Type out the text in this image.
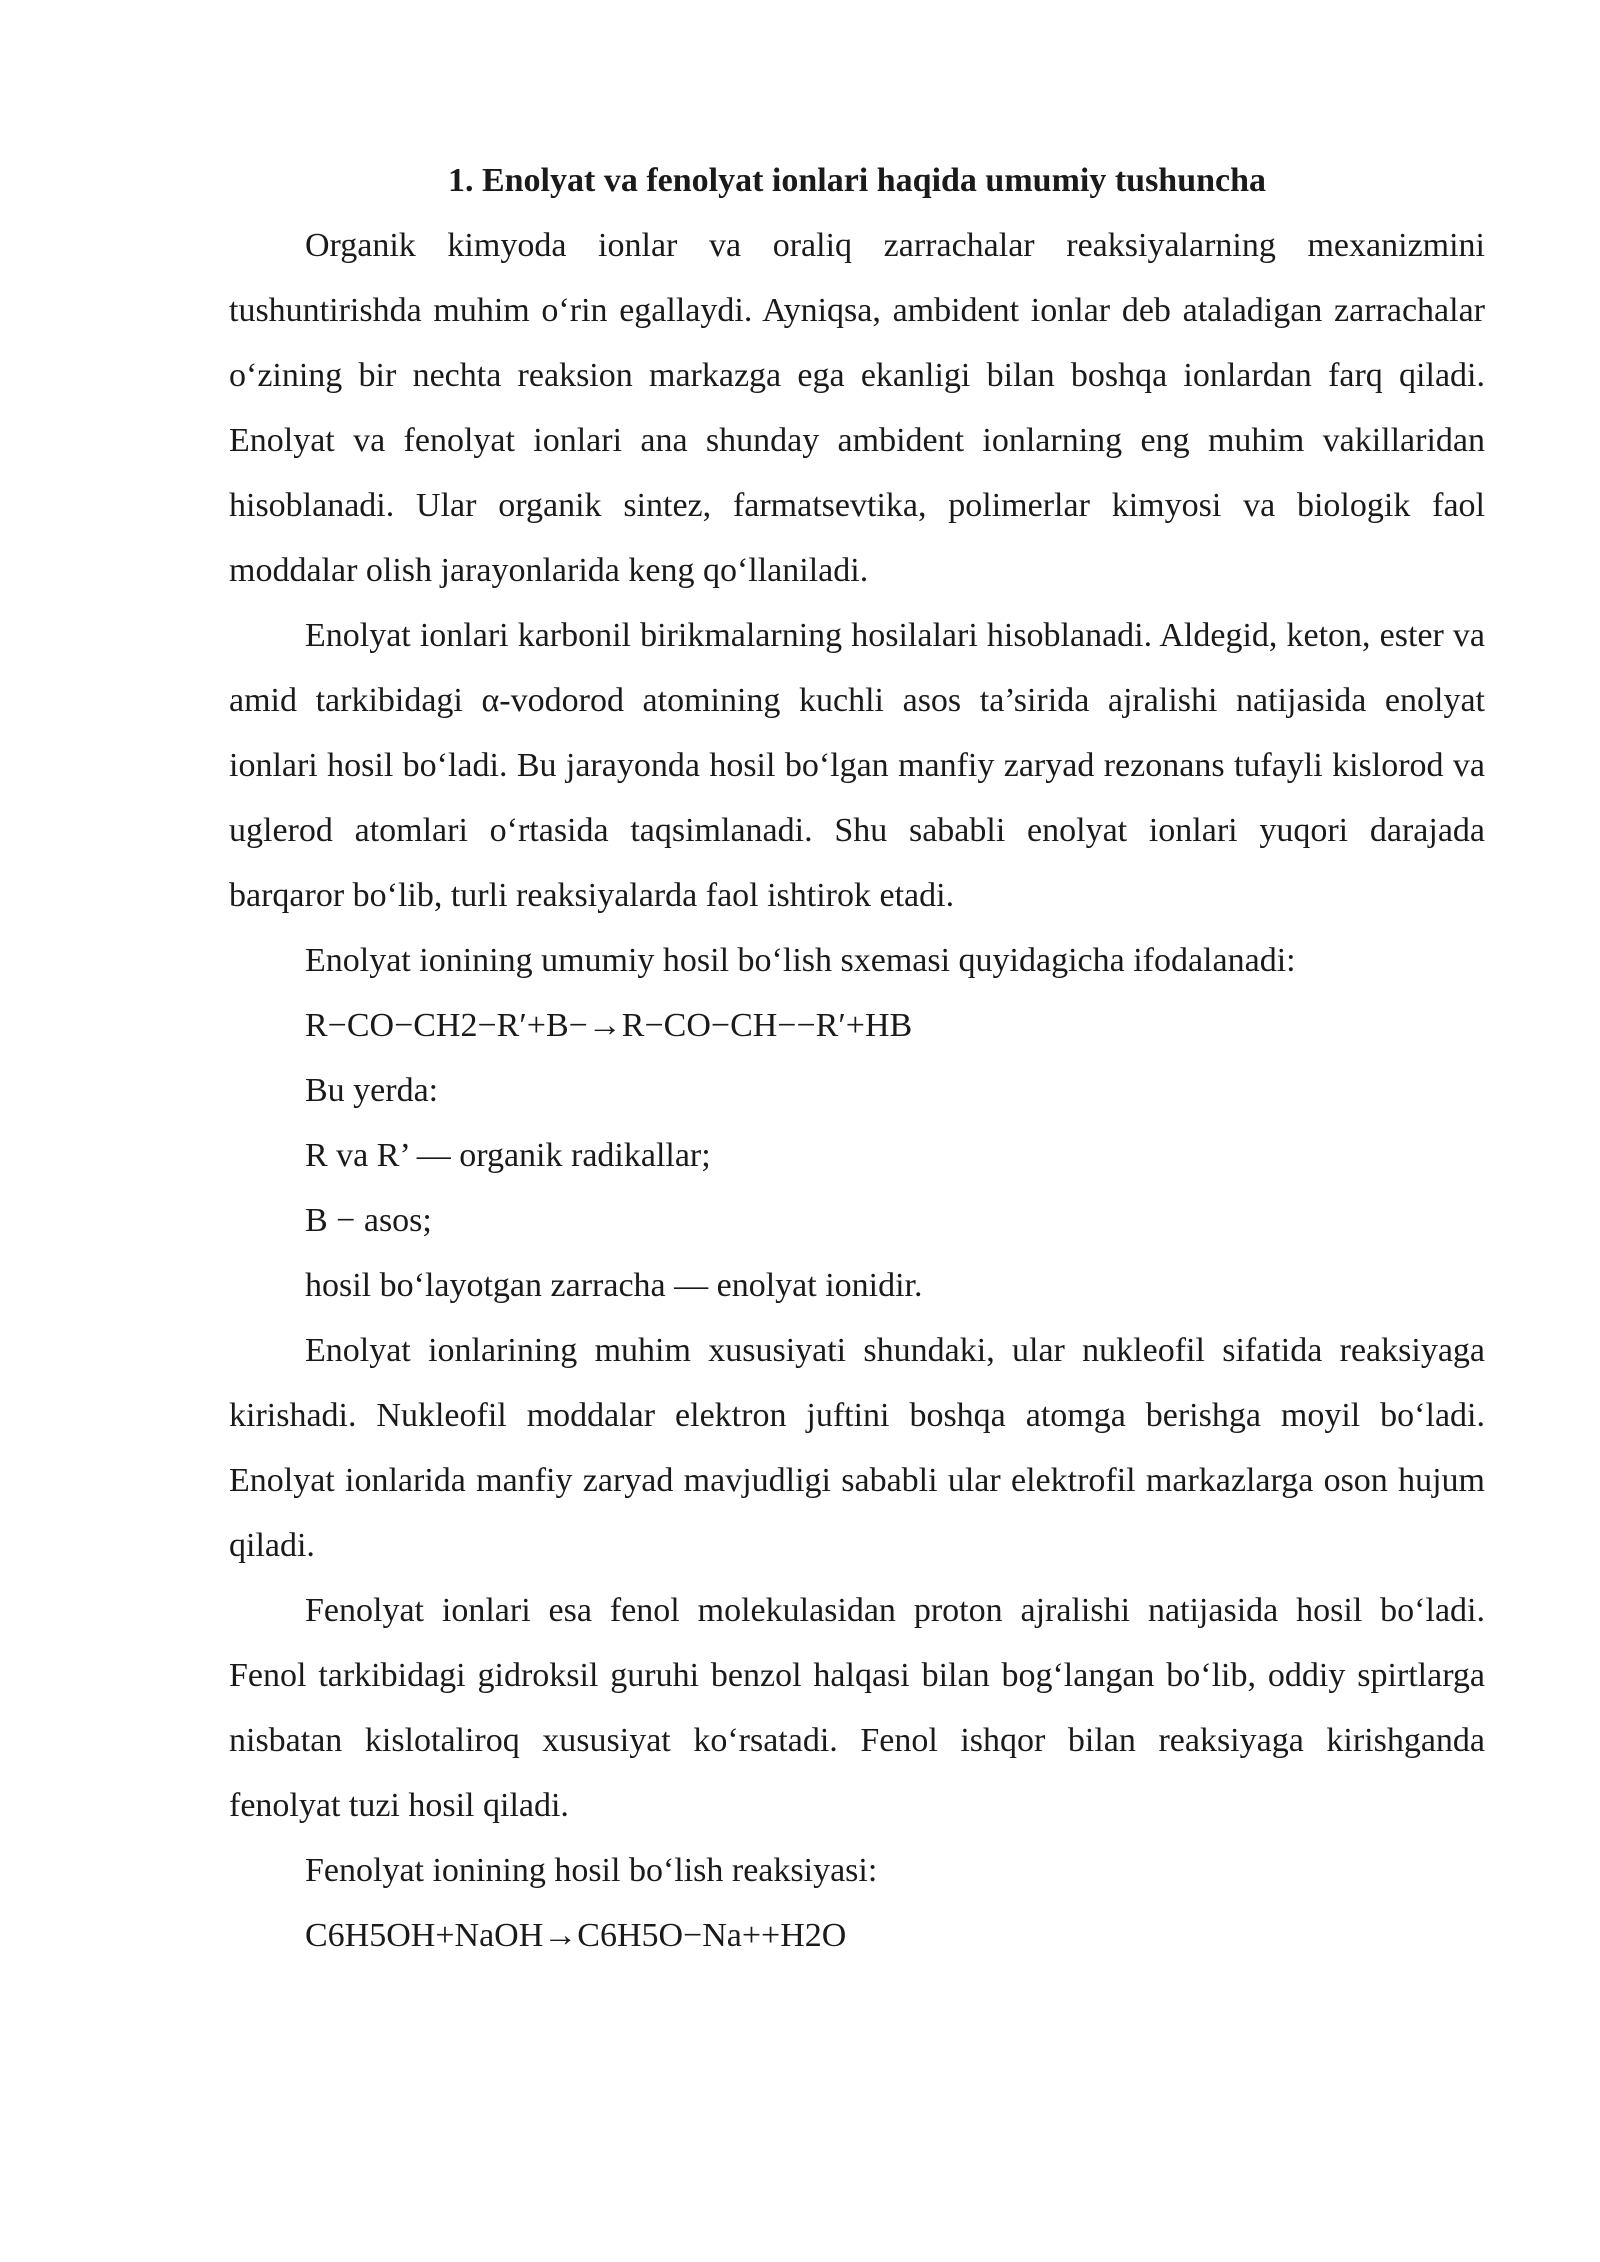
1. Enolyat va fenolyat ionlari haqida umumiy tushuncha

Organik kimyoda ionlar va oraliq zarrachalar reaksiyalarning mexanizmini tushuntirishda muhim o‘rin egallaydi. Ayniqsa, ambident ionlar deb ataladigan zarrachalar o‘zining bir nechta reaksion markazga ega ekanligi bilan boshqa ionlardan farq qiladi. Enolyat va fenolyat ionlari ana shunday ambident ionlarning eng muhim vakillaridan hisoblanadi. Ular organik sintez, farmatsevtika, polimerlar kimyosi va biologik faol moddalar olish jarayonlarida keng qo‘llaniladi.

Enolyat ionlari karbonil birikmalarning hosilalari hisoblanadi. Aldegid, keton, ester va amid tarkibidagi α-vodorod atomining kuchli asos ta’sirida ajralishi natijasida enolyat ionlari hosil bo‘ladi. Bu jarayonda hosil bo‘lgan manfiy zaryad rezonans tufayli kislorod va uglerod atomlari o‘rtasida taqsimlanadi. Shu sababli enolyat ionlari yuqori darajada barqaror bo‘lib, turli reaksiyalarda faol ishtirok etadi.

Enolyat ionining umumiy hosil bo‘lish sxemasi quyidagicha ifodalanadi:

R−CO−CH2−R′+B−→R−CO−CH−−R′+HB

Bu yerda:

R va R’ — organik radikallar;

B − asos;

hosil bo‘layotgan zarracha — enolyat ionidir.

Enolyat ionlarining muhim xususiyati shundaki, ular nukleofil sifatida reaksiyaga kirishadi. Nukleofil moddalar elektron juftini boshqa atomga berishga moyil bo‘ladi. Enolyat ionlarida manfiy zaryad mavjudligi sababli ular elektrofil markazlarga oson hujum qiladi.

Fenolyat ionlari esa fenol molekulasidan proton ajralishi natijasida hosil bo‘ladi. Fenol tarkibidagi gidroksil guruhi benzol halqasi bilan bog‘langan bo‘lib, oddiy spirtlarga nisbatan kislotaliroq xususiyat ko‘rsatadi. Fenol ishqor bilan reaksiyaga kirishganda fenolyat tuzi hosil qiladi.

Fenolyat ionining hosil bo‘lish reaksiyasi:

C6H5OH+NaOH→C6H5O−Na++H2O
